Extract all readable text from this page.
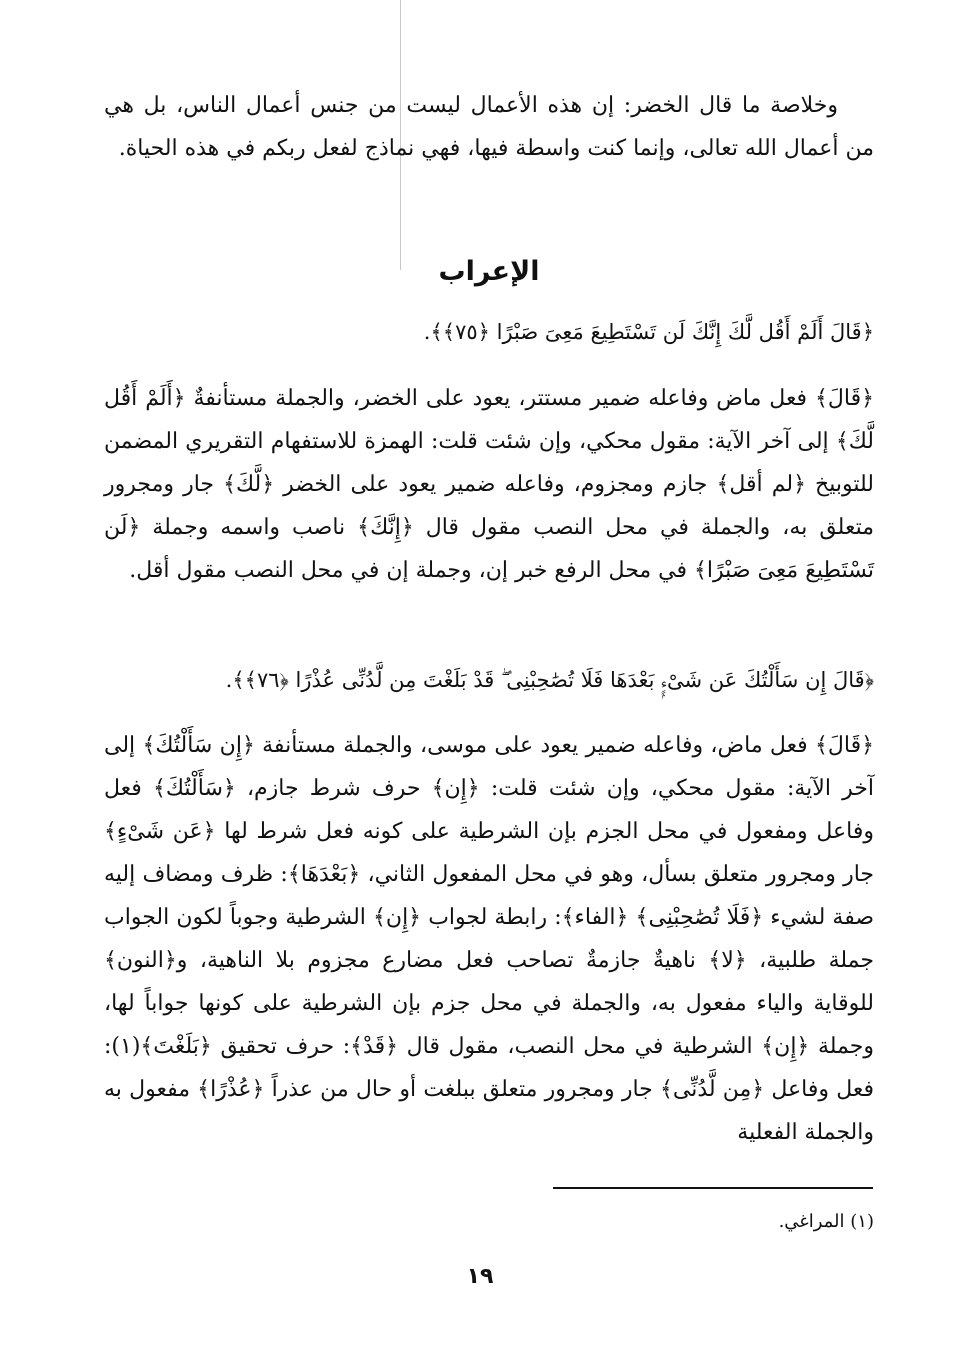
وخلاصة ما قال الخضر: إن هذه الأعمال ليست من جنس أعمال الناس، بل هي من أعمال الله تعالى، وإنما كنت واسطة فيها، فهي نماذج لفعل ربكم في هذه الحياة.

الإعراب
﴿قَالَ أَلَمْ أَقُل لَّكَ إِنَّكَ لَن تَسْتَطِيعَ مَعِىَ صَبْرًا ﴿٧٥﴾﴾.

﴿قَالَ﴾ فعل ماض وفاعله ضمير مستتر، يعود على الخضر، والجملة مستأنفةٌ ﴿أَلَمْ أَقُل لَّكَ﴾ إلى آخر الآية: مقول محكي، وإن شئت قلت: الهمزة للاستفهام التقريري المضمن للتوبيخ ﴿لم أقل﴾ جازم ومجزوم، وفاعله ضمير يعود على الخضر ﴿لَّكَ﴾ جار ومجرور متعلق به، والجملة في محل النصب مقول قال ﴿إِنَّكَ﴾ ناصب واسمه وجملة ﴿لَن تَسْتَطِيعَ مَعِىَ صَبْرًا﴾ في محل الرفع خبر إن، وجملة إن في محل النصب مقول أقل.

﴿قَالَ إِن سَأَلْتُكَ عَن شَىْءٍۭ بَعْدَهَا فَلَا تُصَٰحِبْنِى ۖ قَدْ بَلَغْتَ مِن لَّدُنِّى عُذْرًا ﴿٧٦﴾﴾.

﴿قَالَ﴾ فعل ماض، وفاعله ضمير يعود على موسى، والجملة مستأنفة ﴿إِن سَأَلْتُكَ﴾ إلى آخر الآية: مقول محكي، وإن شئت قلت: ﴿إِن﴾ حرف شرط جازم، ﴿سَأَلْتُكَ﴾ فعل وفاعل ومفعول في محل الجزم بإن الشرطية على كونه فعل شرط لها ﴿عَن شَىْءٍ﴾ جار ومجرور متعلق بسأل، وهو في محل المفعول الثاني، ﴿بَعْدَهَا﴾: ظرف ومضاف إليه صفة لشيء ﴿فَلَا تُصَٰحِبْنِى﴾ ﴿الفاء﴾: رابطة لجواب ﴿إِن﴾ الشرطية وجوباً لكون الجواب جملة طلبية، ﴿لا﴾ ناهيةٌ جازمةٌ تصاحب فعل مضارع مجزوم بلا الناهية، و﴿النون﴾ للوقاية والياء مفعول به، والجملة في محل جزم بإن الشرطية على كونها جواباً لها، وجملة ﴿إِن﴾ الشرطية في محل النصب، مقول قال ﴿قَدْ﴾: حرف تحقيق ﴿بَلَغْتَ﴾(١): فعل وفاعل ﴿مِن لَّدُنِّى﴾ جار ومجرور متعلق ببلغت أو حال من عذراً ﴿عُذْرًا﴾ مفعول به والجملة الفعلية

(١) المراغي.
١٩
